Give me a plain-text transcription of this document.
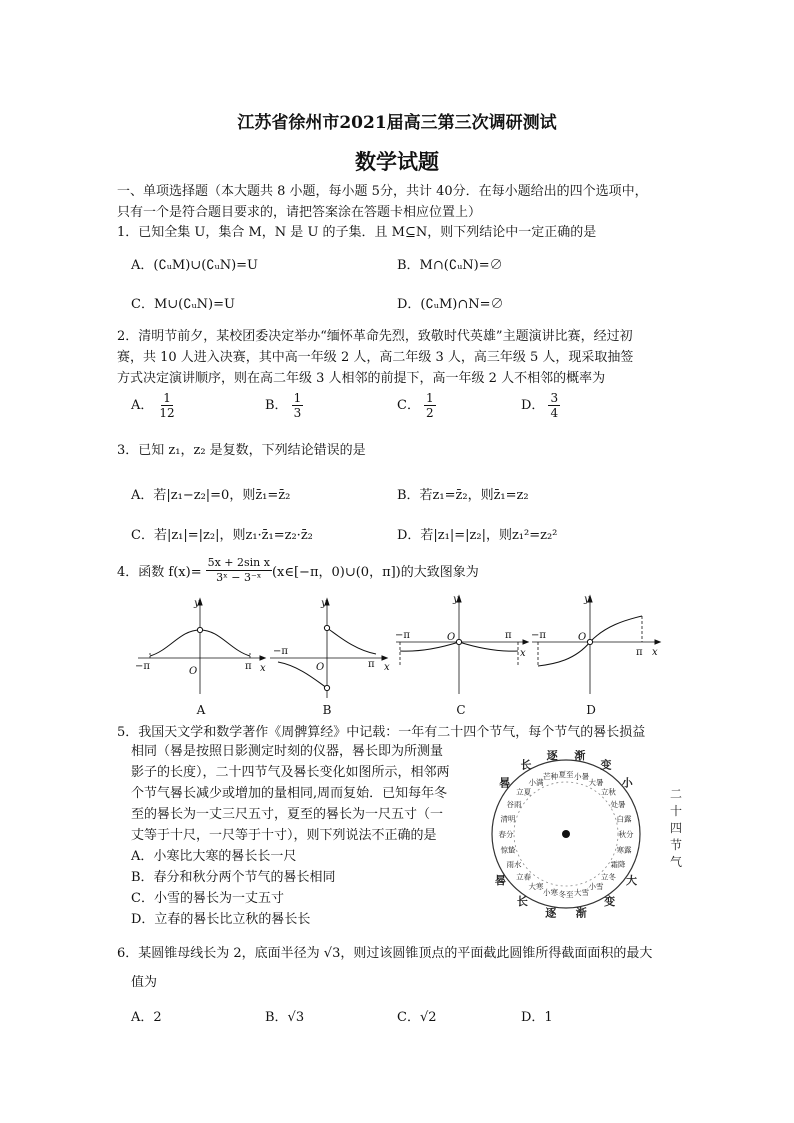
江苏省徐州市2021届高三第三次调研测试
数学试题
一、单项选择题（本大题共 8 小题，每小题 5分，共计 40分．在每小题给出的四个选项中，
只有一个是符合题目要求的，请把答案涂在答题卡相应位置上）
1．已知全集 U，集合 M，N 是 U 的子集．且 M⊆N，则下列结论中一定正确的是
A．(∁ᵤM)∪(∁ᵤN)=U	B．M∩(∁ᵤN)=∅
C．M∪(∁ᵤN)=U	D．(∁ᵤM)∩N=∅
2．清明节前夕，某校团委决定举办“缅怀革命先烈，致敬时代英雄”主题演讲比赛，经过初
赛，共 10 人进入决赛，其中高一年级 2 人，高二年级 3 人，高三年级 5 人，现采取抽签
方式决定演讲顺序，则在高二年级 3 人相邻的前提下，高一年级 2 人不相邻的概率为
A． $\frac{1}{12}$	B． $\frac{1}{3}$	C． $\frac{1}{2}$	D． $\frac{3}{4}$
3．已知 z₁，z₂ 是复数，下列结论错误的是
A．若|z₁−z₂|=0，则z̄₁=z̄₂	B．若z₁=z̄₂，则z̄₁=z₂
C．若|z₁|=|z₂|，则z₁·z̄₁=z₂·z̄₂	D．若|z₁|=|z₂|，则z₁²=z₂²
4．函数 $f(x)= \frac{\text{5x + 2sin x}}{\text{3ˣ − 3⁻ˣ}}$ (x∈[−π，0)∪(0，π])的大致图象为
y
x
O
−π	π
y
x
O
−π
π
y
x
O
−π	π
y
x
O
−π
π
A	B	C	D
5．我国天文学和数学著作《周髀算经》中记载：一年有二十四个节气，每个节气的晷长损益
相同（晷是按照日影测定时刻的仪器，晷长即为所测量
影子的长度），二十四节气及晷长变化如图所示，相邻两
个节气晷长减少或增加的量相同,周而复始．已知每年冬
至的晷长为一丈三尺五寸，夏至的晷长为一尺五寸（一
丈等于十尺，一尺等于十寸），则下列说法不正确的是
A．小寒比大寒的晷长长一尺
B．春分和秋分两个节气的晷长相同
C．小雪的晷长为一丈五寸
D．立春的晷长比立秋的晷长长
夏至 小暑
大暑
立秋
处暑
白露
秋分
寒露
霜降
立冬
小雪
大雪
冬至
小寒
大寒
立春
雨水
惊蛰
春分
清明
谷雨
立夏
小满
芒种
晷
长
逐 渐
变
小
晷
长
逐 渐
变
大
二
十
四
节
气
6．某圆锥母线长为 2，底面半径为 √3，则过该圆锥顶点的平面截此圆锥所得截面面积的最大
值为
A．2	B．√3	C．√2	D．1
